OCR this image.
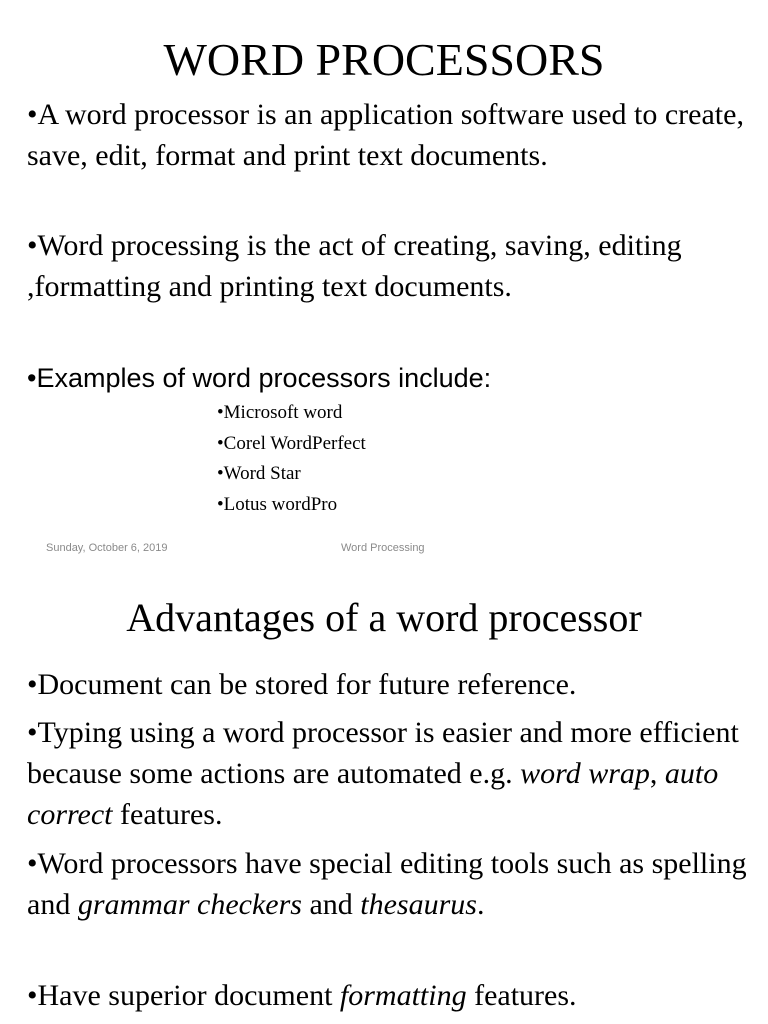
WORD PROCESSORS

•A word processor is an application software used to create, save, edit, format and print text documents.

•Word processing is the act of creating, saving, editing ,formatting and printing text documents.

•Examples of word processors include:

•Microsoft word
•Corel WordPerfect
•Word Star
•Lotus wordPro
Sunday, October 6, 2019	Word Processing
Advantages of a word processor

•Document can be stored for future reference.

•Typing using a word processor is easier and more efficient because some actions are automated e.g. word wrap, auto correct features.

•Word processors have special editing tools such as spelling and grammar checkers and thesaurus.

•Have superior document formatting features.
